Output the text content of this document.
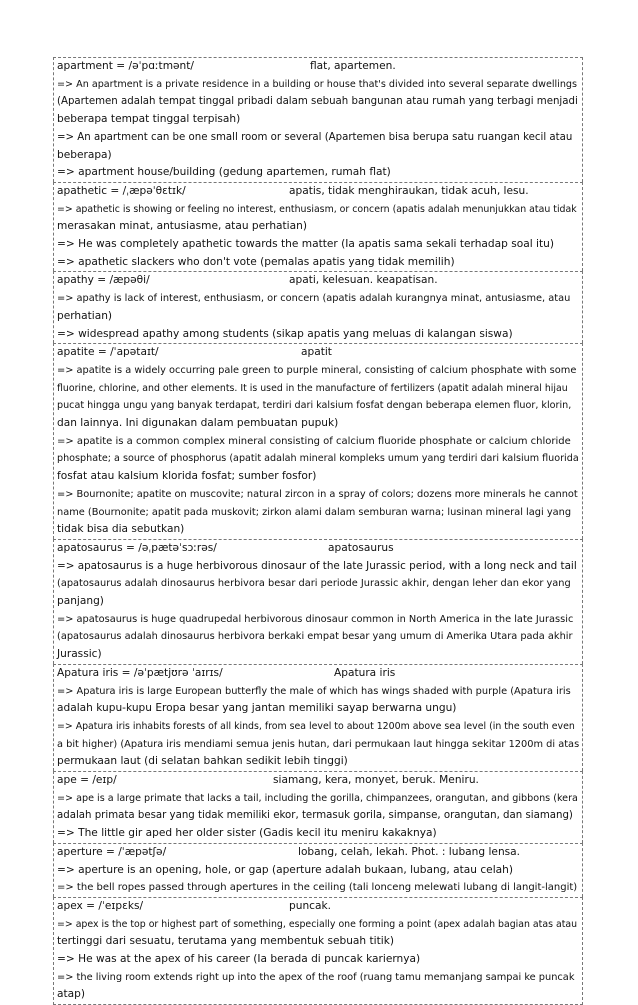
apartment = /əˈpɑːtmənt/	flat, apartemen.
=> An apartment is a private residence in a building or house that's divided into several separate dwellings
(Apartemen adalah tempat tinggal pribadi dalam sebuah bangunan atau rumah yang terbagi menjadi
beberapa tempat tinggal terpisah)
=> An apartment can be one small room or several (Apartemen bisa berupa satu ruangan kecil atau
beberapa)
=> apartment house/building (gedung apartemen, rumah flat)
apathetic = /ˌæpəˈθɛtɪk/	apatis, tidak menghiraukan, tidak acuh, lesu.
=> apathetic is showing or feeling no interest, enthusiasm, or concern (apatis adalah menunjukkan atau tidak
merasakan minat, antusiasme, atau perhatian)
=> He was completely apathetic towards the matter (Ia apatis sama sekali terhadap soal itu)
=> apathetic slackers who don't vote (pemalas apatis yang tidak memilih)
apathy = /æpəθi/	apati, kelesuan. keapatisan.
=> apathy is lack of interest, enthusiasm, or concern (apatis adalah kurangnya minat, antusiasme, atau
perhatian)
=> widespread apathy among students (sikap apatis yang meluas di kalangan siswa)
apatite = /ˈapətaɪt/	apatit
=> apatite is a widely occurring pale green to purple mineral, consisting of calcium phosphate with some
fluorine, chlorine, and other elements. It is used in the manufacture of fertilizers (apatit adalah mineral hijau
pucat hingga ungu yang banyak terdapat, terdiri dari kalsium fosfat dengan beberapa elemen fluor, klorin,
dan lainnya. Ini digunakan dalam pembuatan pupuk)
=> apatite is a common complex mineral consisting of calcium fluoride phosphate or calcium chloride
phosphate; a source of phosphorus (apatit adalah mineral kompleks umum yang terdiri dari kalsium fluorida
fosfat atau kalsium klorida fosfat; sumber fosfor)
=> Bournonite; apatite on muscovite; natural zircon in a spray of colors; dozens more minerals he cannot
name (Bournonite; apatit pada muskovit; zirkon alami dalam semburan warna; lusinan mineral lagi yang
tidak bisa dia sebutkan)
apatosaurus = /əˌpætəˈsɔːrəs/	apatosaurus
=> apatosaurus is a huge herbivorous dinosaur of the late Jurassic period, with a long neck and tail
(apatosaurus adalah dinosaurus herbivora besar dari periode Jurassic akhir, dengan leher dan ekor yang
panjang)
=> apatosaurus is huge quadrupedal herbivorous dinosaur common in North America in the late Jurassic
(apatosaurus adalah dinosaurus herbivora berkaki empat besar yang umum di Amerika Utara pada akhir
Jurassic)
Apatura iris = /əˈpætjʊrə ˈaɪrɪs/	Apatura iris
=> Apatura iris is large European butterfly the male of which has wings shaded with purple (Apatura iris
adalah kupu-kupu Eropa besar yang jantan memiliki sayap berwarna ungu)
=> Apatura iris inhabits forests of all kinds, from sea level to about 1200m above sea level (in the south even
a bit higher) (Apatura iris mendiami semua jenis hutan, dari permukaan laut hingga sekitar 1200m di atas
permukaan laut (di selatan bahkan sedikit lebih tinggi)
ape = /eɪp/	siamang, kera, monyet, beruk. Meniru.
=> ape is a large primate that lacks a tail, including the gorilla, chimpanzees, orangutan, and gibbons (kera
adalah primata besar yang tidak memiliki ekor, termasuk gorila, simpanse, orangutan, dan siamang)
=> The little gir aped her older sister (Gadis kecil itu meniru kakaknya)
aperture = /ˈæpətʃə/	lobang, celah, lekah. Phot. : lubang lensa.
=> aperture is an opening, hole, or gap (aperture adalah bukaan, lubang, atau celah)
=> the bell ropes passed through apertures in the ceiling (tali lonceng melewati lubang di langit-langit)
apex = /ˈeɪpɛks/	puncak.
=> apex is the top or highest part of something, especially one forming a point (apex adalah bagian atas atau
tertinggi dari sesuatu, terutama yang membentuk sebuah titik)
=> He was at the apex of his career (Ia berada di puncak kariernya)
=> the living room extends right up into the apex of the roof (ruang tamu memanjang sampai ke puncak
atap)
